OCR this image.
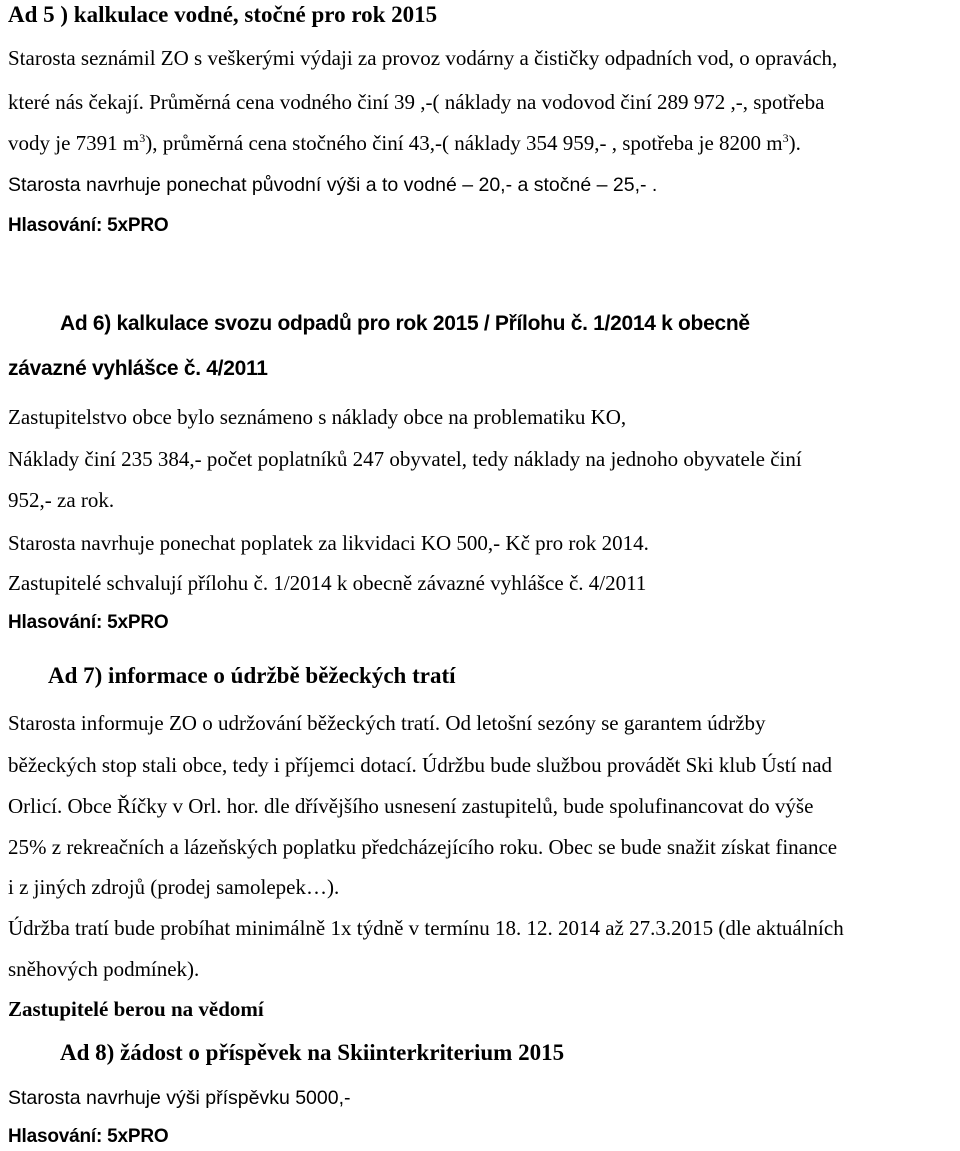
Ad 5 ) kalkulace vodné, stočné pro rok 2015
Starosta seznámil ZO s veškerými výdaji za provoz vodárny a čističky odpadních vod, o opravách,
které nás čekají. Průměrná cena vodného činí 39 ,-( náklady na vodovod činí 289 972 ,-, spotřeba
vody je 7391 $m^3$), průměrná cena stočného činí 43,-( náklady 354 959,- , spotřeba je 8200 $m^3$).
Starosta navrhuje ponechat původní výši a to vodné – 20,- a stočné – 25,- .
Hlasování: 5xPRO
Ad 6) kalkulace svozu odpadů pro rok 2015 / Přílohu č. 1/2014 k obecně
závazné vyhlášce č. 4/2011
Zastupitelstvo obce bylo seznámeno s náklady obce na problematiku KO,
Náklady činí 235 384,- počet poplatníků 247 obyvatel, tedy náklady na jednoho obyvatele činí
952,- za rok.
Starosta navrhuje ponechat poplatek za likvidaci KO 500,- Kč pro rok 2014.
Zastupitelé schvalují přílohu č. 1/2014 k obecně závazné vyhlášce č. 4/2011
Hlasování: 5xPRO
Ad 7) informace o údržbě běžeckých tratí
Starosta informuje ZO o udržování běžeckých tratí. Od letošní sezóny se garantem údržby
běžeckých stop stali obce, tedy i příjemci dotací. Údržbu bude službou provádět Ski klub Ústí nad
Orlicí. Obce Říčky v Orl. hor. dle dřívějšího usnesení zastupitelů, bude spolufinancovat do výše
25% z rekreačních a lázeňských poplatku předcházejícího roku. Obec se bude snažit získat finance
i z jiných zdrojů (prodej samolepek…).
Údržba tratí bude probíhat minimálně 1x týdně v termínu 18. 12. 2014 až 27.3.2015 (dle aktuálních
sněhových podmínek).
Zastupitelé berou na vědomí
Ad 8) žádost o příspěvek na Skiinterkriterium 2015
Starosta navrhuje výši příspěvku 5000,-
Hlasování: 5xPRO
